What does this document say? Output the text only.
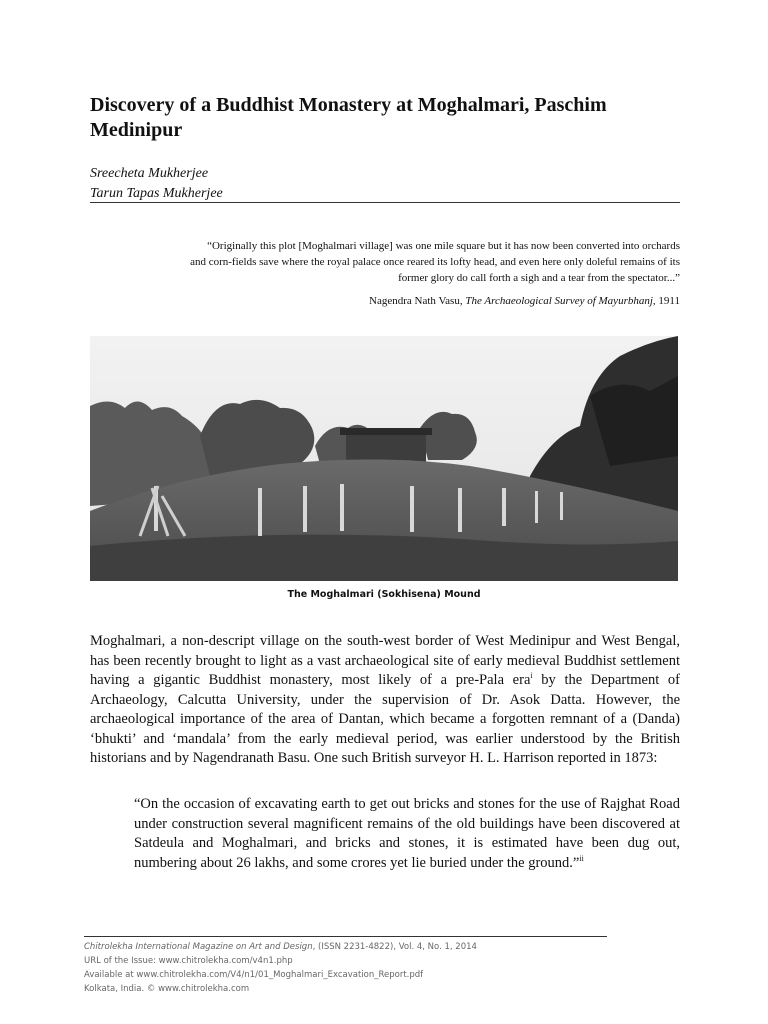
Discovery of a Buddhist Monastery at Moghalmari, Paschim Medinipur
Sreecheta Mukherjee
Tarun Tapas Mukherjee

“Originally this plot [Moghalmari village] was one mile square but it has now been converted into orchards and corn-fields save where the royal palace once reared its lofty head, and even here only doleful remains of its former glory do call forth a sigh and a tear from the spectator...”

Nagendra Nath Vasu, The Archaeological Survey of Mayurbhanj, 1911
The Moghalmari (Sokhisena) Mound

Moghalmari, a non-descript village on the south-west border of West Medinipur and West Bengal, has been recently brought to light as a vast archaeological site of early medieval Buddhist settlement having a gigantic Buddhist monastery, most likely of a pre-Pala era$^i$ by the Department of Archaeology, Calcutta University, under the supervision of Dr. Asok Datta. However, the archaeological importance of the area of Dantan, which became a forgotten remnant of a (Danda) ‘bhukti’ and ‘mandala’ from the early medieval period, was earlier understood by the British historians and by Nagendranath Basu. One such British surveyor H. L. Harrison reported in 1873:

“On the occasion of excavating earth to get out bricks and stones for the use of Rajghat Road under construction several magnificent remains of the old buildings have been discovered at Satdeula and Moghalmari, and bricks and stones, it is estimated have been dug out, numbering about 26 lakhs, and some crores yet lie buried under the ground.”$^{ii}$

Chitrolekha International Magazine on Art and Design, (ISSN 2231-4822), Vol. 4, No. 1, 2014
URL of the Issue: www.chitrolekha.com/v4n1.php
Available at www.chitrolekha.com/V4/n1/01_Moghalmari_Excavation_Report.pdf
Kolkata, India. © www.chitrolekha.com
